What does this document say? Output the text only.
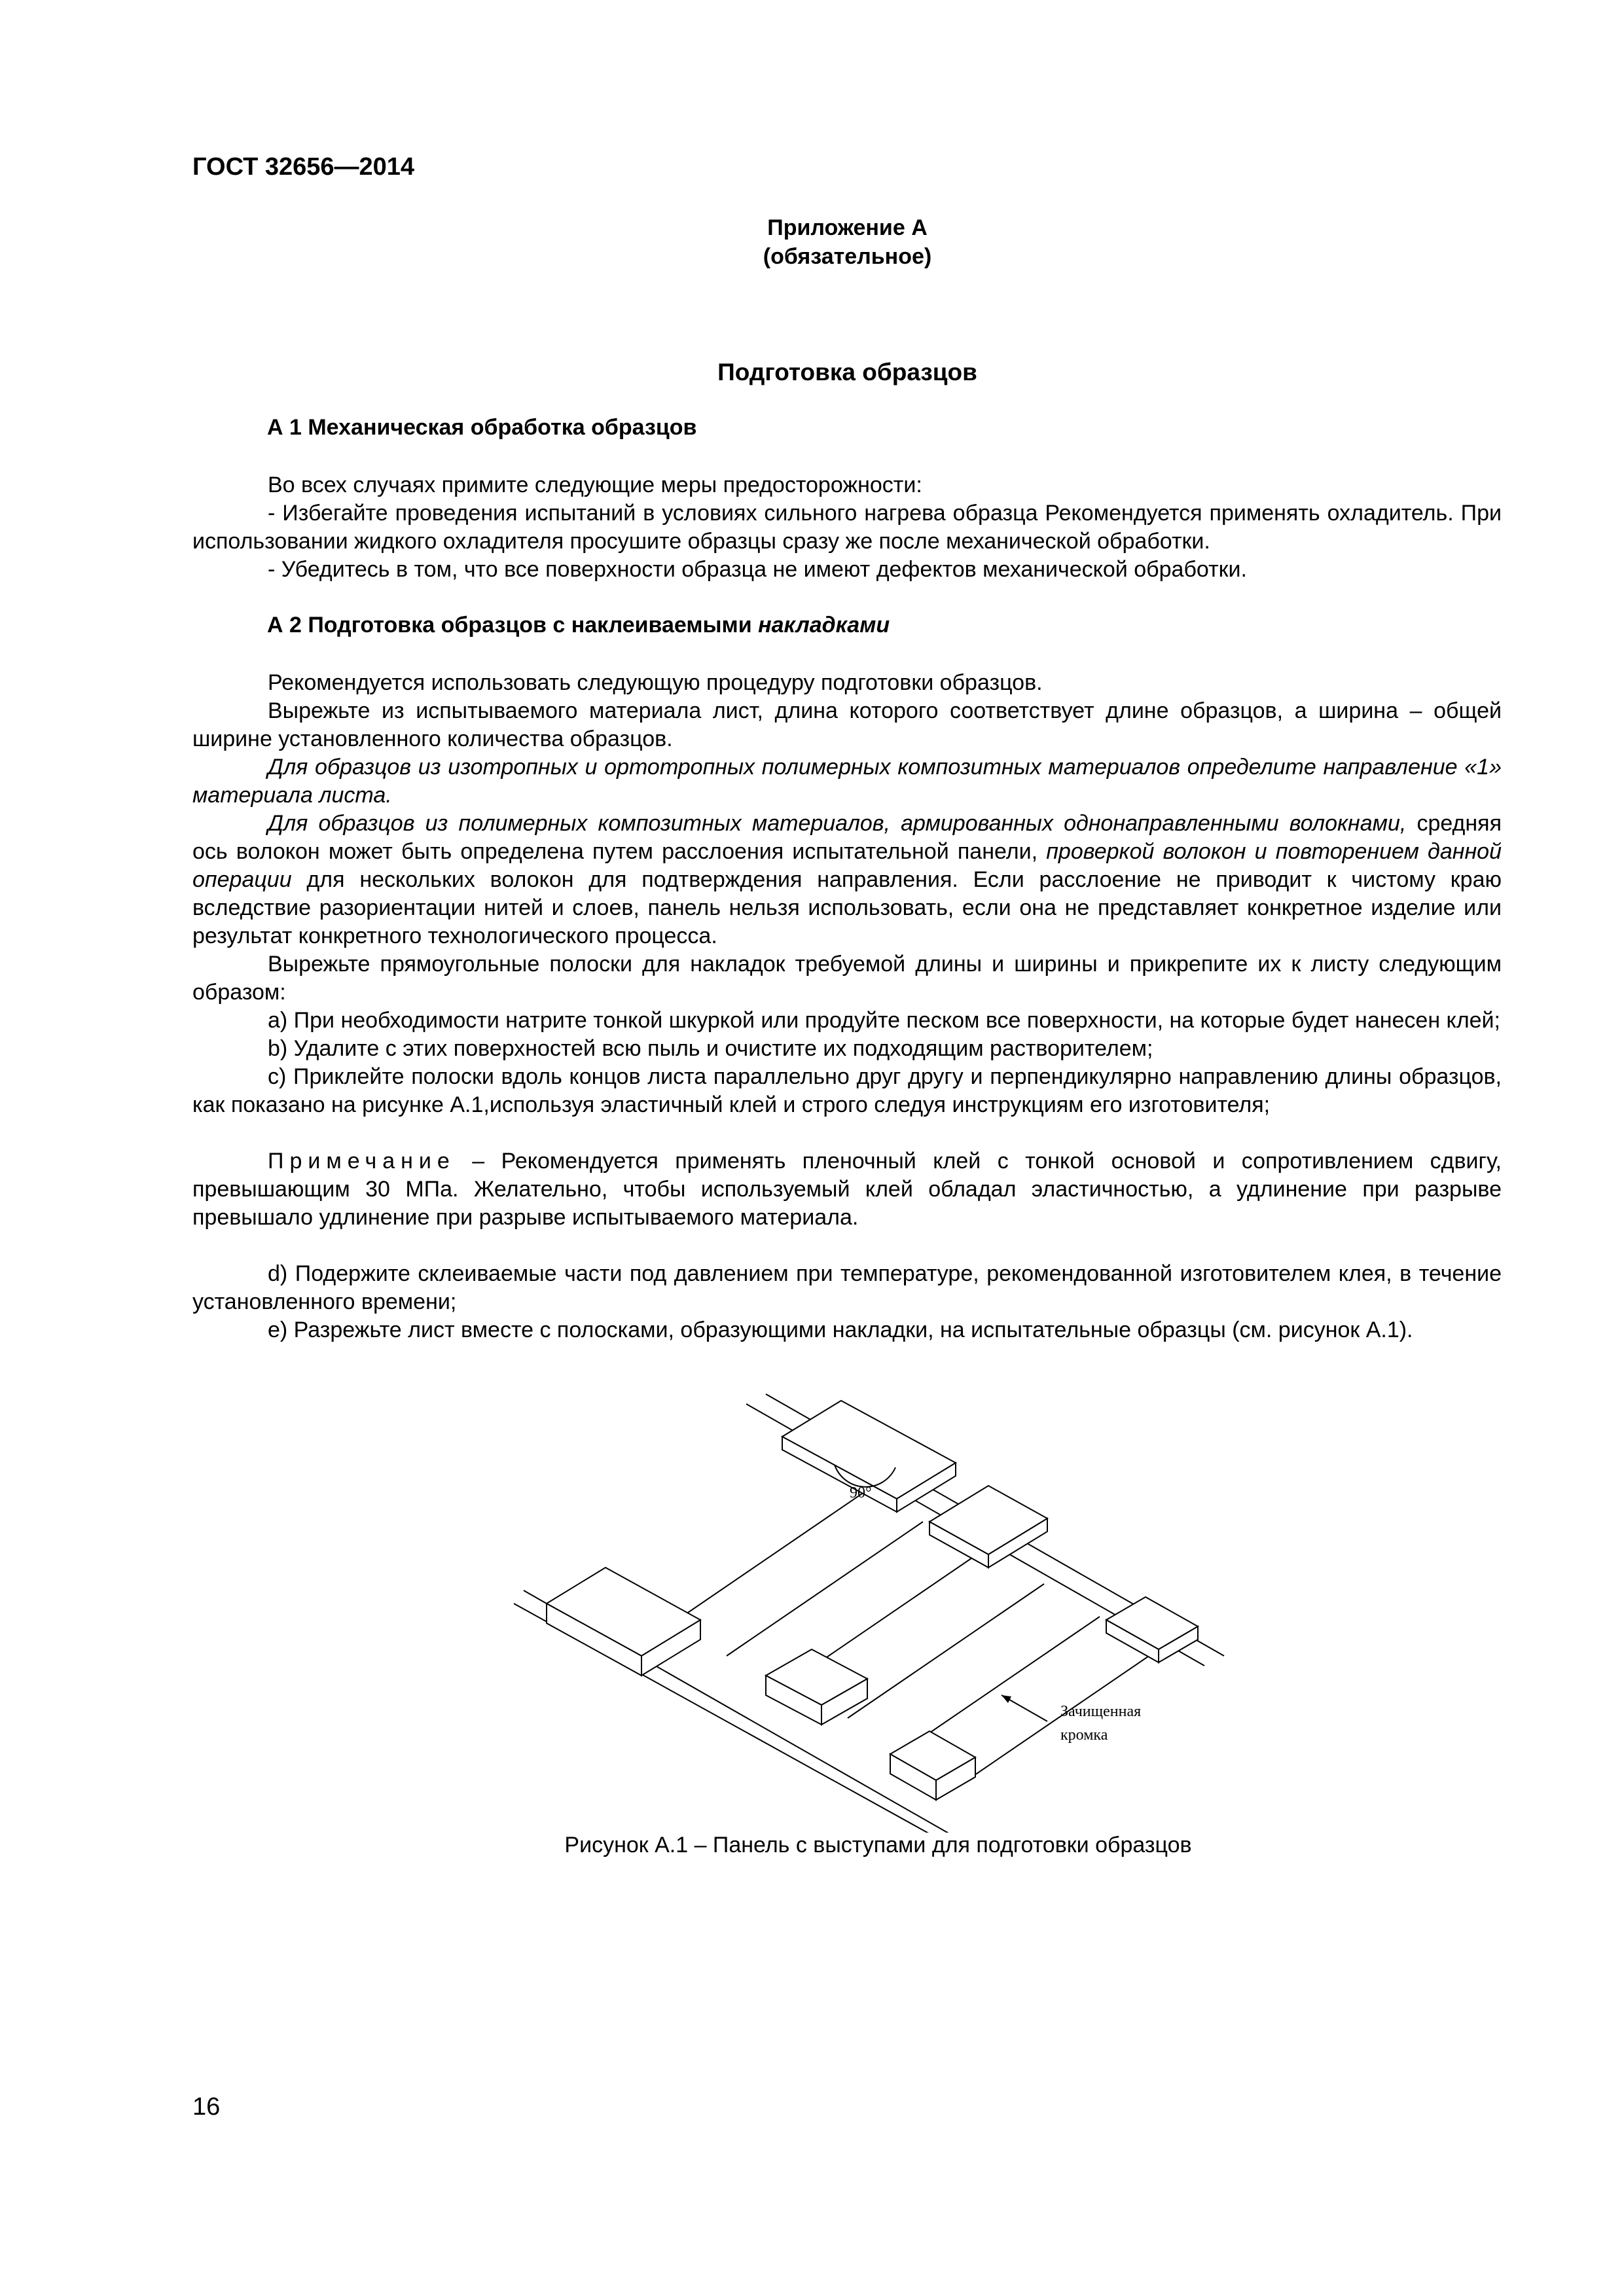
ГОСТ 32656—2014
Приложение А
(обязательное)
Подготовка образцов
А 1 Механическая обработка образцов

Во всех случаях примите следующие меры предосторожности:

- Избегайте проведения испытаний в условиях сильного нагрева образца Рекомендуется применять охладитель. При использовании жидкого охладителя просушите образцы сразу же после механической обработки.

- Убедитесь в том, что все поверхности образца не имеют дефектов механической обработки.

А 2 Подготовка образцов с наклеиваемыми накладками

Рекомендуется использовать следующую процедуру подготовки образцов.

Вырежьте из испытываемого материала лист, длина которого соответствует длине образцов, а ширина – общей ширине установленного количества образцов.

Для образцов из изотропных и ортотропных полимерных композитных материалов определите направление «1» материала листа.

Для образцов из полимерных композитных материалов, армированных однонаправленными волокнами, средняя ось волокон может быть определена путем расслоения испытательной панели, проверкой волокон и повторением данной операции для нескольких волокон для подтверждения направления. Если расслоение не приводит к чистому краю вследствие разориентации нитей и слоев, панель нельзя использовать, если она не представляет конкретное изделие или результат конкретного технологического процесса.

Вырежьте прямоугольные полоски для накладок требуемой длины и ширины и прикрепите их к листу следующим образом:

а) При необходимости натрите тонкой шкуркой или продуйте песком все поверхности, на которые будет нанесен клей;

b) Удалите с этих поверхностей всю пыль и очистите их подходящим растворителем;

c) Приклейте полоски вдоль концов листа параллельно друг другу и перпендикулярно направлению длины образцов, как показано на рисунке А.1,используя эластичный клей и строго следуя инструкциям его изготовителя;

Примечание – Рекомендуется применять пленочный клей с тонкой основой и сопротивлением сдвигу, превышающим 30 МПа. Желательно, чтобы используемый клей обладал эластичностью, а удлинение при разрыве превышало удлинение при разрыве испытываемого материала.

d) Подержите склеиваемые части под давлением при температуре, рекомендованной изготовителем клея, в течение установленного времени;

e) Разрежьте лист вместе с полосками, образующими накладки, на испытательные образцы (см. рисунок А.1).

90°
Зачищенная
кромка
Рисунок А.1 – Панель с выступами для подготовки образцов
16
